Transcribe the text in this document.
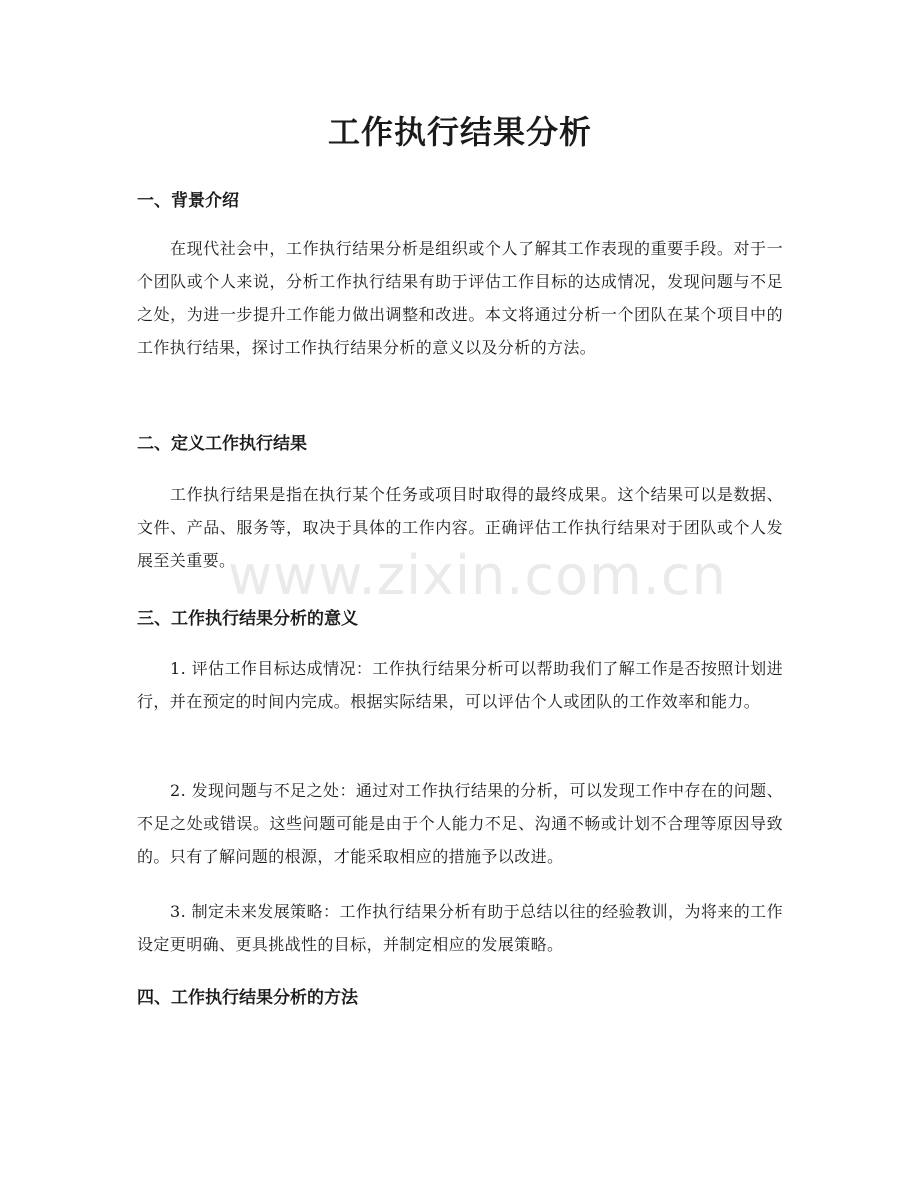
www.zixin.com.cn
工作执行结果分析
一、背景介绍

在现代社会中，工作执行结果分析是组织或个人了解其工作表现的重要手段。对于一个团队或个人来说，分析工作执行结果有助于评估工作目标的达成情况，发现问题与不足之处，为进一步提升工作能力做出调整和改进。本文将通过分析一个团队在某个项目中的工作执行结果，探讨工作执行结果分析的意义以及分析的方法。

二、定义工作执行结果

工作执行结果是指在执行某个任务或项目时取得的最终成果。这个结果可以是数据、文件、产品、服务等，取决于具体的工作内容。正确评估工作执行结果对于团队或个人发展至关重要。

三、工作执行结果分析的意义

1. 评估工作目标达成情况：工作执行结果分析可以帮助我们了解工作是否按照计划进行，并在预定的时间内完成。根据实际结果，可以评估个人或团队的工作效率和能力。

2. 发现问题与不足之处：通过对工作执行结果的分析，可以发现工作中存在的问题、不足之处或错误。这些问题可能是由于个人能力不足、沟通不畅或计划不合理等原因导致的。只有了解问题的根源，才能采取相应的措施予以改进。

3. 制定未来发展策略：工作执行结果分析有助于总结以往的经验教训，为将来的工作设定更明确、更具挑战性的目标，并制定相应的发展策略。

四、工作执行结果分析的方法
